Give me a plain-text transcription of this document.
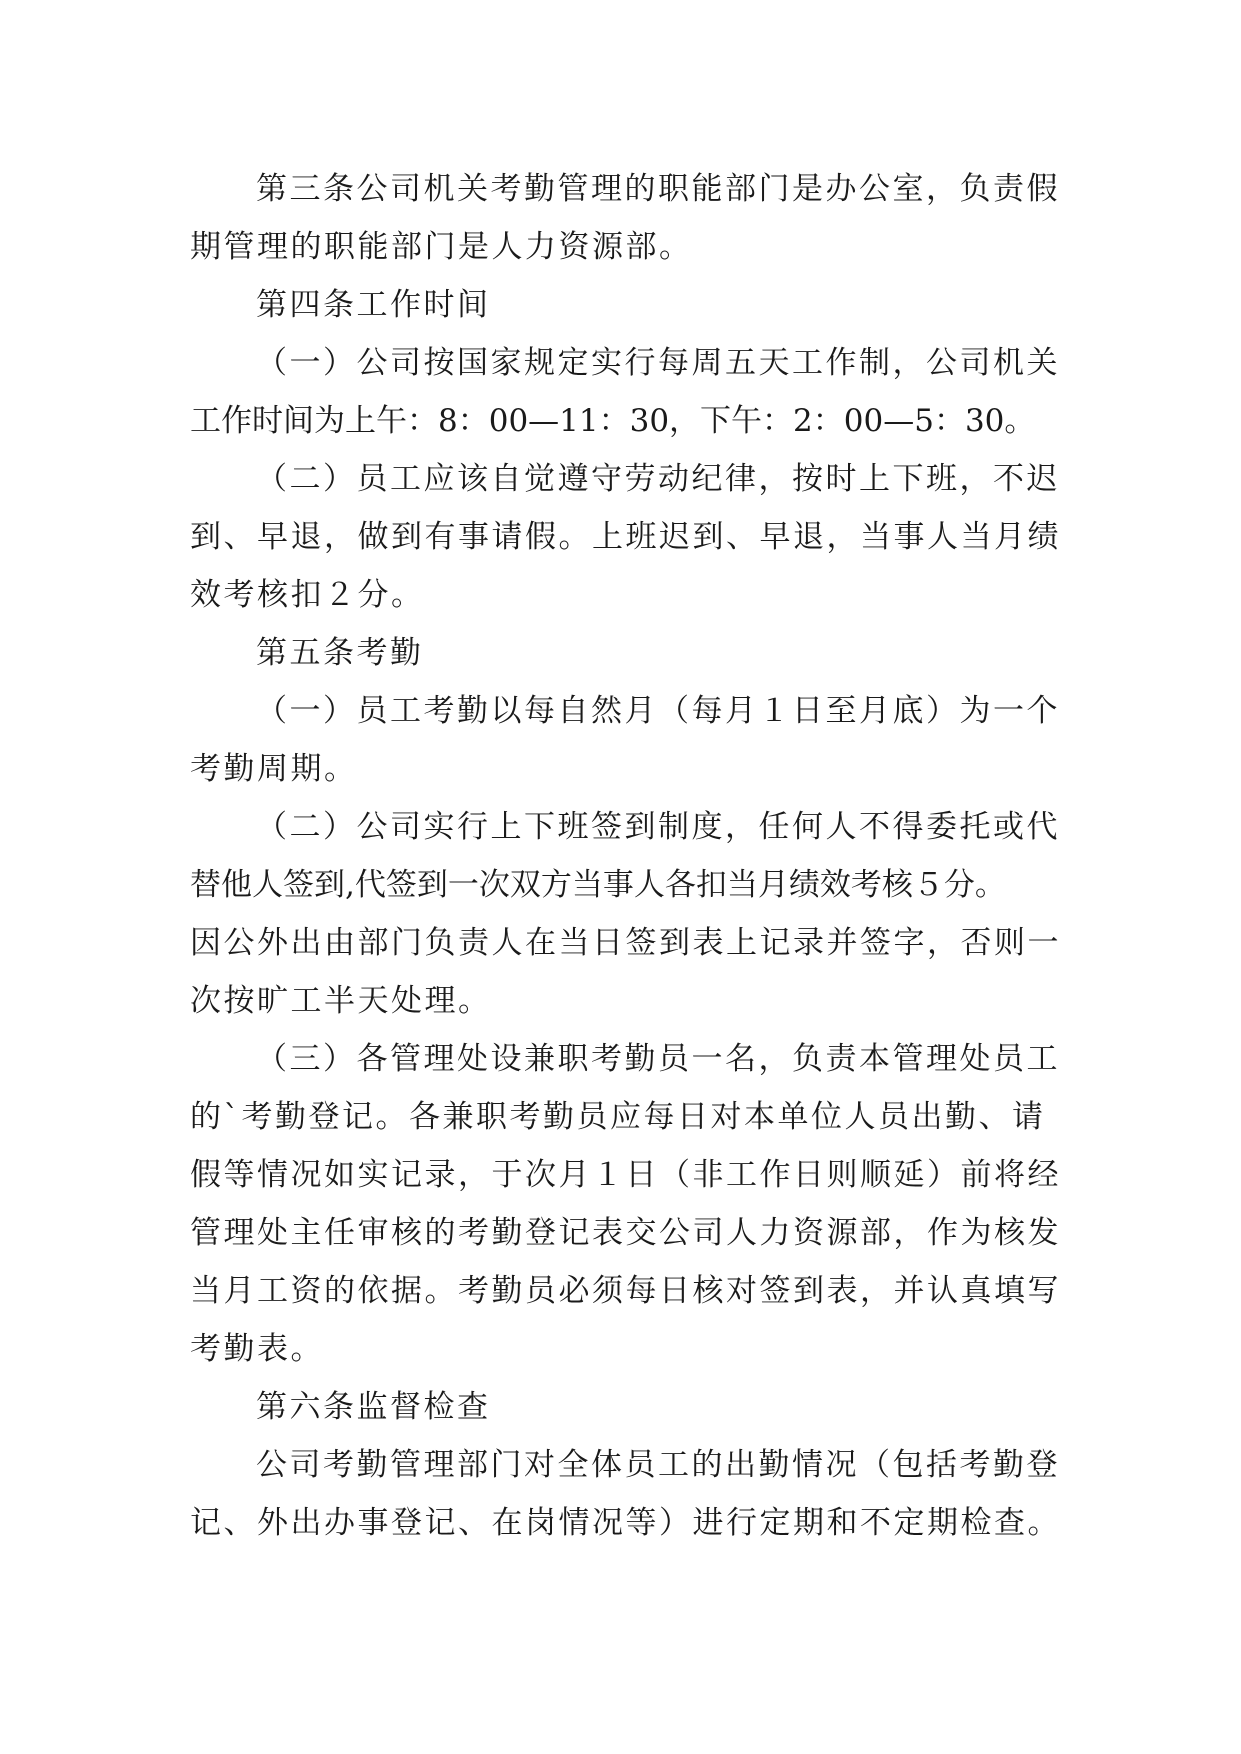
第三条公司机关考勤管理的职能部门是办公室，负责假
期管理的职能部门是人力资源部。
第四条工作时间
（一）公司按国家规定实行每周五天工作制，公司机关
工作时间为上午：8：00—11：30，下午：2：00—5：30。
（二）员工应该自觉遵守劳动纪律，按时上下班，不迟
到、早退，做到有事请假。上班迟到、早退，当事人当月绩
效考核扣２分。
第五条考勤
（一）员工考勤以每自然月（每月１日至月底）为一个
考勤周期。
（二）公司实行上下班签到制度，任何人不得委托或代
替他人签到,代签到一次双方当事人各扣当月绩效考核５分。
因公外出由部门负责人在当日签到表上记录并签字，否则一
次按旷工半天处理。
（三）各管理处设兼职考勤员一名，负责本管理处员工
的`考勤登记。各兼职考勤员应每日对本单位人员出勤、请
假等情况如实记录，于次月１日（非工作日则顺延）前将经
管理处主任审核的考勤登记表交公司人力资源部，作为核发
当月工资的依据。考勤员必须每日核对签到表，并认真填写
考勤表。
第六条监督检查
公司考勤管理部门对全体员工的出勤情况（包括考勤登
记、外出办事登记、在岗情况等）进行定期和不定期检查。
